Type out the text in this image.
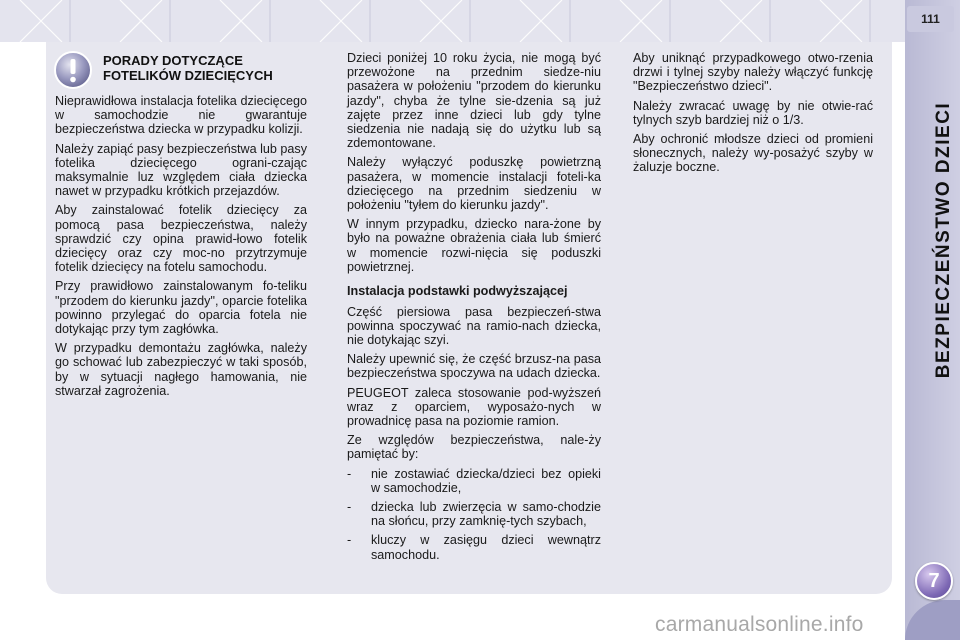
111
BEZPIECZEŃSTWO DZIECI
7
PORADY DOTYCZĄCE
FOTELIKÓW DZIECIĘCYCH

Nieprawidłowa instalacja fotelika dziecięcego w samochodzie nie gwarantuje bezpieczeństwa dziecka w przypadku kolizji.

Należy zapiąć pasy bezpieczeństwa lub pasy fotelika dziecięcego ograni-czając maksymalnie luz względem ciała dziecka nawet w przypadku krótkich przejazdów.

Aby zainstalować fotelik dziecięcy za pomocą pasa bezpieczeństwa, należy sprawdzić czy opina prawid-łowo fotelik dziecięcy oraz czy moc-no przytrzymuje fotelik dziecięcy na fotelu samochodu.

Przy prawidłowo zainstalowanym fo-teliku "przodem do kierunku jazdy", oparcie fotelika powinno przylegać do oparcia fotela nie dotykając przy tym zagłówka.

W przypadku demontażu zagłówka, należy go schować lub zabezpieczyć w taki sposób, by w sytuacji nagłego hamowania, nie stwarzał zagrożenia.

Dzieci poniżej 10 roku życia, nie mogą być przewożone na przednim siedze-niu pasażera w położeniu "przodem do kierunku jazdy", chyba że tylne sie-dzenia są już zajęte przez inne dzieci lub gdy tylne siedzenia nie nadają się do użytku lub są zdemontowane.

Należy wyłączyć poduszkę powietrzną pasażera, w momencie instalacji foteli-ka dziecięcego na przednim siedzeniu w położeniu "tyłem do kierunku jazdy".

W innym przypadku, dziecko nara-żone by było na poważne obrażenia ciała lub śmierć w momencie rozwi-nięcia się poduszki powietrznej.

Instalacja podstawki podwyższającej

Część piersiowa pasa bezpieczeń-stwa powinna spoczywać na ramio-nach dziecka, nie dotykając szyi.

Należy upewnić się, że część brzusz-na pasa bezpieczeństwa spoczywa na udach dziecka.

PEUGEOT zaleca stosowanie pod-wyższeń wraz z oparciem, wyposażo-nych w prowadnicę pasa na poziomie ramion.

Ze względów bezpieczeństwa, nale-ży pamiętać by:

- nie zostawiać dziecka/dzieci bez opieki w samochodzie,
- dziecka lub zwierzęcia w samo-chodzie na słońcu, przy zamknię-tych szybach,
- kluczy w zasięgu dzieci wewnątrz samochodu.

Aby uniknąć przypadkowego otwo-rzenia drzwi i tylnej szyby należy włączyć funkcję "Bezpieczeństwo dzieci".

Należy zwracać uwagę by nie otwie-rać tylnych szyb bardziej niż o 1/3.

Aby ochronić młodsze dzieci od promieni słonecznych, należy wy-posażyć szyby w żaluzje boczne.

carmanualsonline.info
